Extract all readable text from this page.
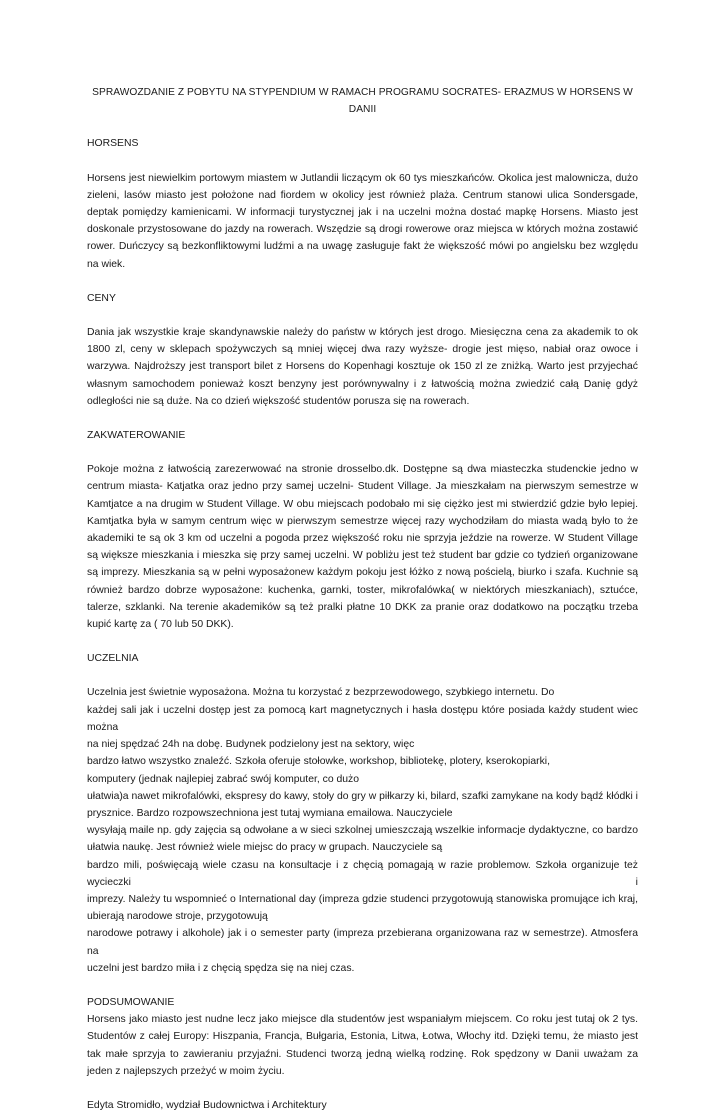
SPRAWOZDANIE Z POBYTU NA STYPENDIUM W RAMACH PROGRAMU SOCRATES- ERAZMUS W HORSENS W DANII
HORSENS

Horsens jest niewielkim portowym miastem w Jutlandii liczącym ok 60 tys mieszkańców. Okolica jest malownicza, dużo zieleni, lasów miasto jest położone nad fiordem w okolicy jest również plaża. Centrum stanowi ulica Sondersgade, deptak pomiędzy kamienicami. W informacji turystycznej jak i na uczelni można dostać mapkę Horsens. Miasto jest doskonale przystosowane do jazdy na rowerach. Wszędzie są drogi rowerowe oraz miejsca w których można zostawić rower. Duńczycy są bezkonfliktowymi ludźmi a na uwagę zasługuje fakt że większość mówi po angielsku bez względu na wiek.

CENY

Dania jak wszystkie kraje skandynawskie należy do państw w których jest drogo. Miesięczna cena za akademik to ok 1800 zl, ceny w sklepach spożywczych są mniej więcej dwa razy wyższe- drogie jest mięso, nabiał oraz owoce i warzywa. Najdroższy jest transport bilet z Horsens do Kopenhagi kosztuje ok 150 zl ze zniżką. Warto jest przyjechać własnym samochodem ponieważ koszt benzyny jest porównywalny i z łatwością można zwiedzić całą Danię gdyż odległości nie są duże. Na co dzień większość studentów porusza się na rowerach.

ZAKWATEROWANIE

Pokoje można z łatwością zarezerwować na stronie drosselbo.dk. Dostępne są dwa miasteczka studenckie jedno w centrum miasta- Katjatka oraz jedno przy samej uczelni- Student Village. Ja mieszkałam na pierwszym semestrze w Kamtjatce a na drugim w Student Village. W obu miejscach podobało mi się ciężko jest mi stwierdzić gdzie było lepiej. Kamtjatka była w samym centrum więc w pierwszym semestrze więcej razy wychodziłam do miasta wadą było to że akademiki te są ok 3 km od uczelni a pogoda przez większość roku nie sprzyja jeździe na rowerze. W Student Village są większe mieszkania i mieszka się przy samej uczelni. W pobliżu jest też student bar gdzie co tydzień organizowane są imprezy. Mieszkania są w pełni wyposażonew każdym pokoju jest łóżko z nową pościelą, biurko i szafa. Kuchnie są również bardzo dobrze wyposażone: kuchenka, garnki, toster, mikrofalówka( w niektórych mieszkaniach), sztućce, talerze, szklanki. Na terenie akademików są też pralki płatne 10 DKK za pranie oraz dodatkowo na początku trzeba kupić kartę za ( 70 lub 50 DKK).

UCZELNIA

Uczelnia jest świetnie wyposażona. Można tu korzystać z bezprzewodowego, szybkiego internetu. Do
każdej sali jak i uczelni dostęp jest za pomocą kart magnetycznych i hasła dostępu które posiada każdy student wiec można
na niej spędzać 24h na dobę. Budynek podzielony jest na sektory, więc
bardzo łatwo wszystko znaleźć. Szkoła oferuje stołowke, workshop, bibliotekę, plotery, kserokopiarki,
komputery (jednak najlepiej zabrać swój komputer, co dużo
ułatwia)a nawet mikrofalówki, ekspresy do kawy, stoły do gry w piłkarzy ki, bilard, szafki zamykane na kody bądź kłódki i
prysznice. Bardzo rozpowszechniona jest tutaj wymiana emailowa. Nauczyciele
wysyłają maile np. gdy zajęcia są odwołane a w sieci szkolnej umieszczają wszelkie informacje dydaktyczne, co bardzo
ułatwia naukę. Jest również wiele miejsc do pracy w grupach. Nauczyciele są
bardzo mili, poświęcają wiele czasu na konsultacje i z chęcią pomagają w razie problemow. Szkoła organizuje też wycieczki i
imprezy. Należy tu wspomnieć o International day (impreza gdzie studenci przygotowują stanowiska promujące ich kraj,
ubierają narodowe stroje, przygotowują
narodowe potrawy i alkohole) jak i o semester party (impreza przebierana organizowana raz w semestrze). Atmosfera na
uczelni jest bardzo miła i z chęcią spędza się na niej czas.

PODSUMOWANIE

Horsens jako miasto jest nudne lecz jako miejsce dla studentów jest wspaniałym miejscem. Co roku jest tutaj ok 2 tys. Studentów z całej Europy: Hiszpania, Francja, Bułgaria, Estonia, Litwa, Łotwa, Włochy itd. Dzięki temu, że miasto jest tak małe sprzyja to zawieraniu przyjaźni. Studenci tworzą jedną wielką rodzinę. Rok spędzony w Danii uważam za jeden z najlepszych przeżyć w moim życiu.

Edyta Stromidło, wydział Budownictwa i Architektury
